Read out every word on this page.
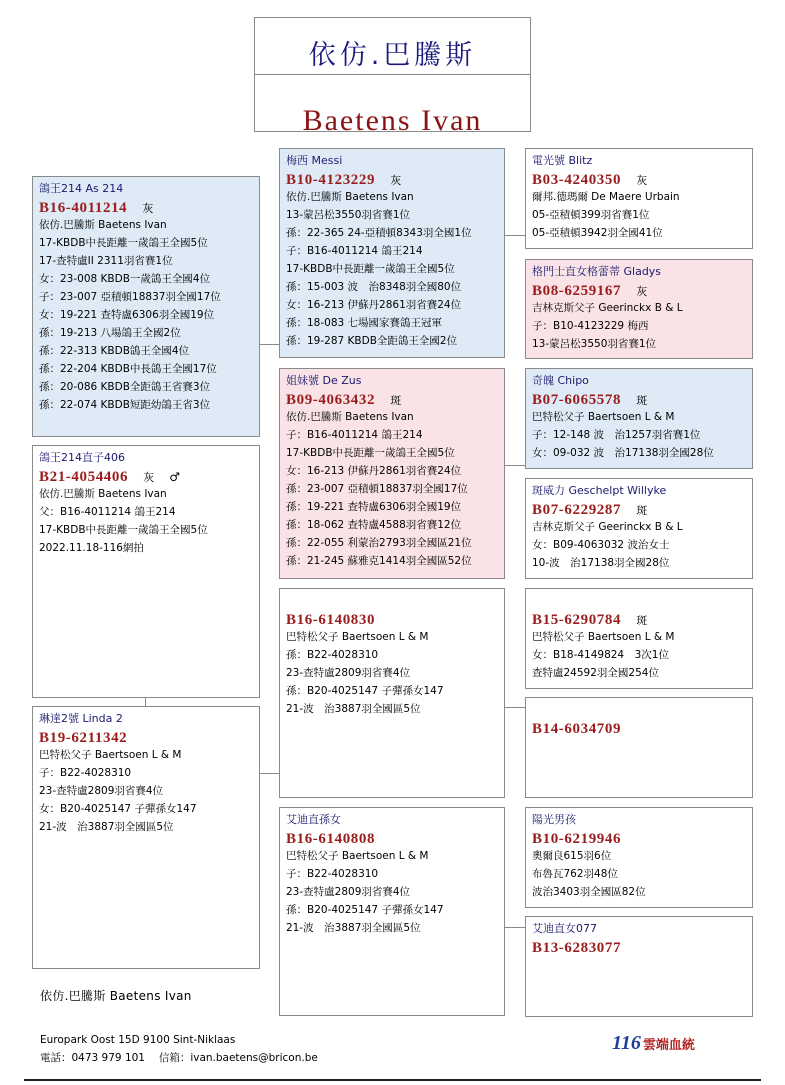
依仿.巴騰斯
Baetens Ivan
鴿王214 As 214
B16-4011214 灰
依仿.巴騰斯 Baetens Ivan
17-KBDB中長距離一歲鴿王全國5位
17-查特盧II 2311羽省賽1位
女：23-008 KBDB一歲鴿王全國4位
子：23-007 亞積頓18837羽全國17位
女：19-221 查特盧6306羽全國19位
孫：19-213 八場鴿王全國2位
孫：22-313 KBDB鴿王全國4位
孫：22-204 KBDB中長鴿王全國17位
孫：20-086 KBDB全距鴿王省賽3位
孫：22-074 KBDB短距幼鴿王省3位
鴿王214直子406
B21-4054406 灰 ♂
依仿.巴騰斯 Baetens Ivan
父：B16-4011214 鴿王214
17-KBDB中長距離一歲鴿王全國5位
2022.11.18-116網拍
琳達2號 Linda 2
B19-6211342
巴特松父子 Baertsoen L & M
子：B22-4028310
23-查特盧2809羽省賽4位
女：B20-4025147 子彈孫女147
21-波　治3887羽全國區5位
梅西 Messi
B10-4123229 灰
依仿.巴騰斯 Baetens Ivan
13-蒙呂松3550羽省賽1位
孫：22-365 24-亞積頓8343羽全國1位
子：B16-4011214 鴿王214
17-KBDB中長距離一歲鴿王全國5位
孫：15-003 波　治8348羽全國80位
女：16-213 伊蘇丹2861羽省賽24位
孫：18-083 七場國家賽鴿王冠軍
孫：19-287 KBDB全距鴿王全國2位
姐妹號 De Zus
B09-4063432 斑
依仿.巴騰斯 Baetens Ivan
子：B16-4011214 鴿王214
17-KBDB中長距離一歲鴿王全國5位
女：16-213 伊蘇丹2861羽省賽24位
孫：23-007 亞積頓18837羽全國17位
孫：19-221 查特盧6306羽全國19位
孫：18-062 查特盧4588羽省賽12位
孫：22-055 利蒙治2793羽全國區21位
孫：21-245 蘇雅克1414羽全國區52位
B16-6140830
巴特松父子 Baertsoen L & M
孫：B22-4028310
23-查特盧2809羽省賽4位
孫：B20-4025147 子彈孫女147
21-波　治3887羽全國區5位
艾迪直孫女
B16-6140808
巴特松父子 Baertsoen L & M
子：B22-4028310
23-查特盧2809羽省賽4位
孫：B20-4025147 子彈孫女147
21-波　治3887羽全國區5位
電光號 Blitz
B03-4240350 灰
爾邦.德瑪爾 De Maere Urbain
05-亞積頓399羽省賽1位
05-亞積頓3942羽全國41位
格門士直女格蕾蒂 Gladys
B08-6259167 灰
吉林克斯父子 Geerinckx B & L
子：B10-4123229 梅西
13-蒙呂松3550羽省賽1位
奇魄 Chipo
B07-6065578 斑
巴特松父子 Baertsoen L & M
子：12-148 波　治1257羽省賽1位
女：09-032 波　治17138羽全國28位
斑威力 Geschelpt Willyke
B07-6229287 斑
吉林克斯父子 Geerinckx B & L
女：B09-4063032 波治女士
10-波　治17138羽全國28位
B15-6290784 斑
巴特松父子 Baertsoen L & M
女：B18-4149824　3次1位
查特盧24592羽全國254位
B14-6034709
陽光男孩
B10-6219946
奧爾良615羽6位
布魯瓦762羽48位
波治3403羽全國區82位
艾迪直女077
B13-6283077
依仿.巴騰斯 Baetens Ivan
Europark Oost 15D 9100 Sint-Niklaas
電話：0473 979 101　 信箱：ivan.baetens@bricon.be
116 雲端血統
